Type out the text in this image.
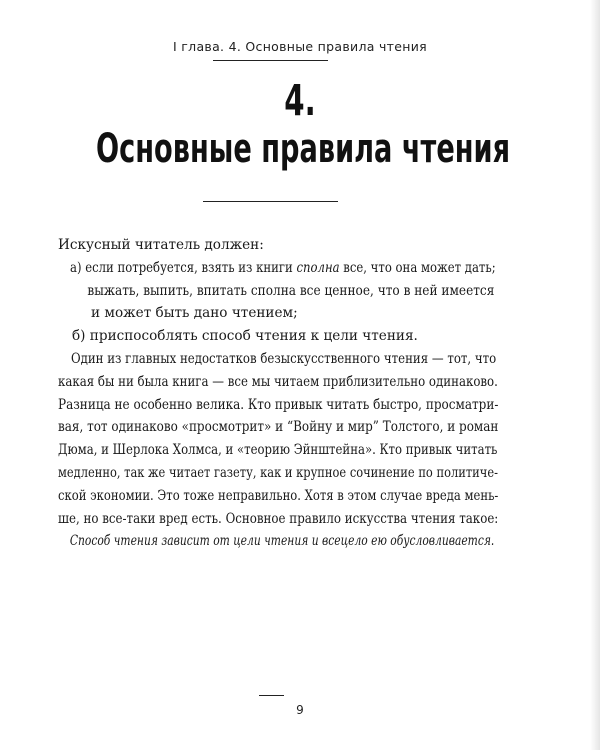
I глава. 4. Основные правила чтения
4.
Основные правила чтения
Искусный читатель должен:
а) если потребуется, взять из книги сполна все, что она может дать;
выжать, выпить, впитать сполна все ценное, что в ней имеется
и может быть дано чтением;
б) приспособлять способ чтения к цели чтения.
Один из главных недостатков безыскусственного чтения — тот, что
какая бы ни была книга — все мы читаем приблизительно одинаково.
Разница не особенно велика. Кто привык читать быстро, просматри-
вая, тот одинаково «просмотрит» и “Войну и мир” Толстого, и роман
Дюма, и Шерлока Холмса, и «теорию Эйнштейна». Кто привык читать
медленно, так же читает газету, как и крупное сочинение по политиче-
ской экономии. Это тоже неправильно. Хотя в этом случае вреда мень-
ше, но все-таки вред есть. Основное правило искусства чтения такое:
Способ чтения зависит от цели чтения и всецело ею обусловливается.
9
